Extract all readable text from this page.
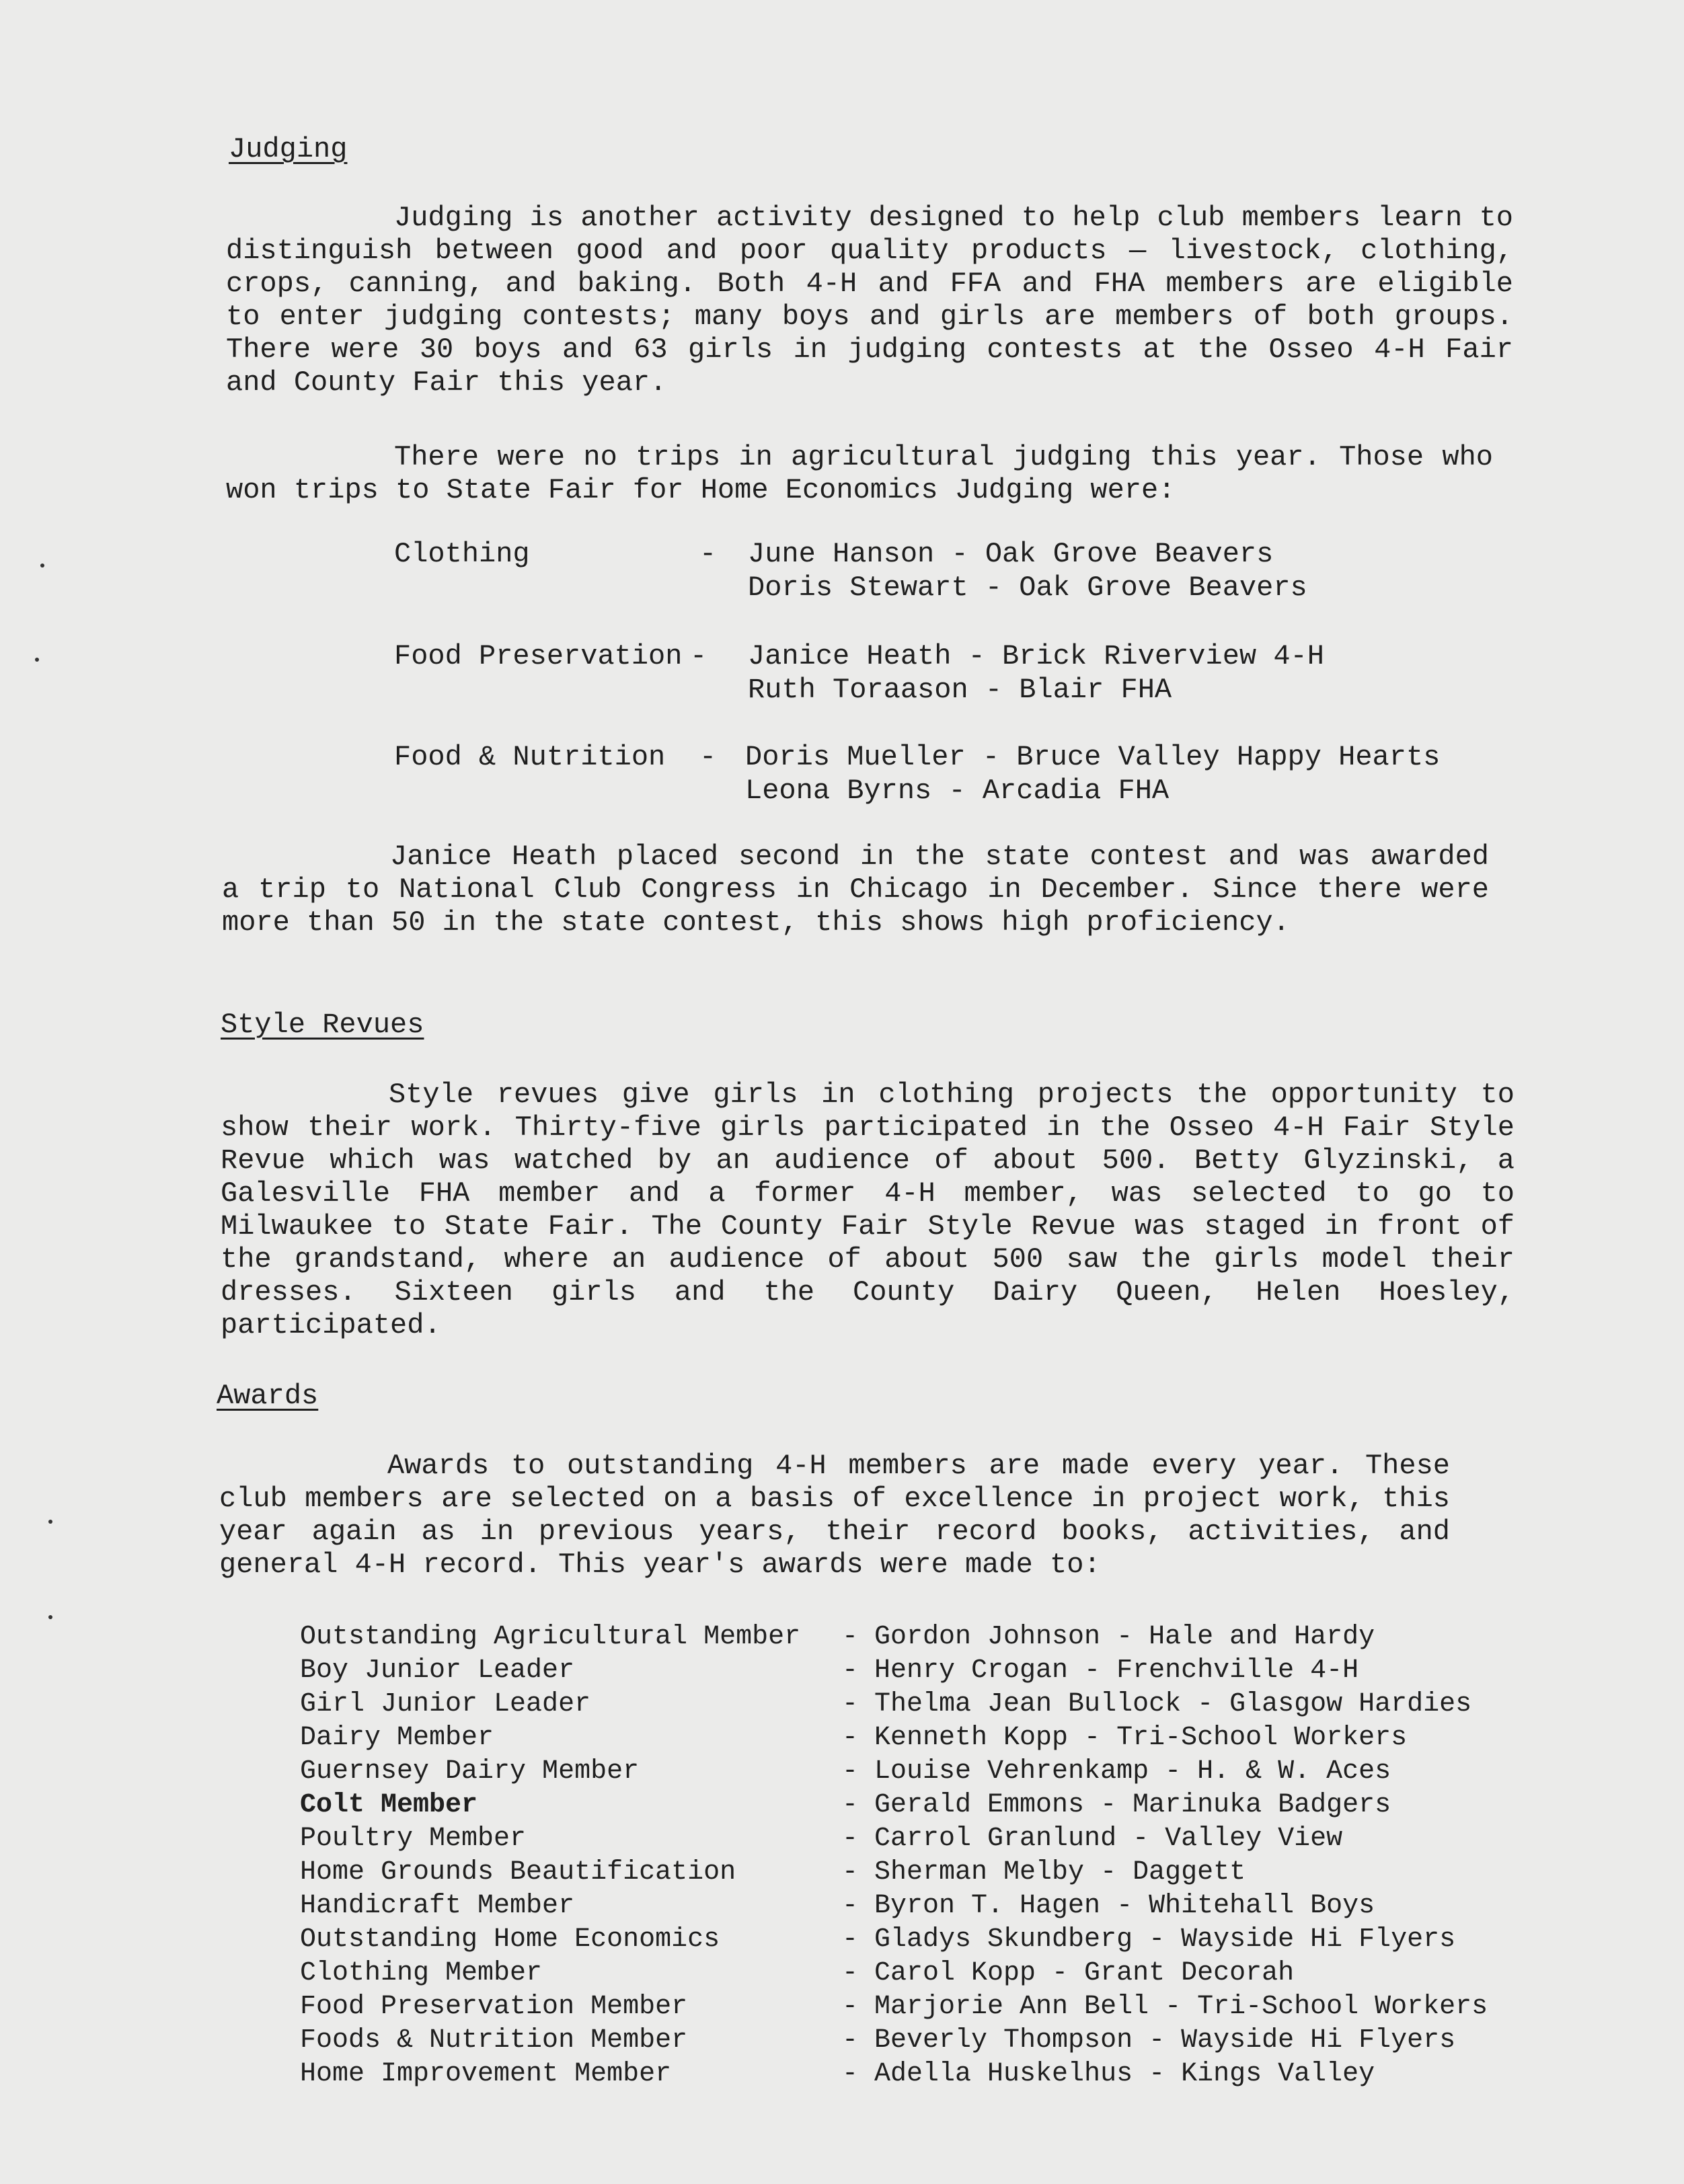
Judging

Judging is another activity designed to help club members learn to distinguish between good and poor quality products — livestock, clothing, crops, canning, and baking. Both 4-H and FFA and FHA members are eligible to enter judging contests; many boys and girls are members of both groups. There were 30 boys and 63 girls in judging contests at the Osseo 4-H Fair and County Fair this year.

There were no trips in agricultural judging this year. Those who won trips to State Fair for Home Economics Judging were:

Clothing	- June Hanson - Oak Grove Beavers
Doris Stewart - Oak Grove Beavers
Food Preservation - Janice Heath - Brick Riverview 4-H
Ruth Toraason - Blair FHA
Food & Nutrition - Doris Mueller - Bruce Valley Happy Hearts
Leona Byrns - Arcadia FHA

Janice Heath placed second in the state contest and was awarded a trip to National Club Congress in Chicago in December. Since there were more than 50 in the state contest, this shows high proficiency.

Style Revues

Style revues give girls in clothing projects the opportunity to show their work. Thirty-five girls participated in the Osseo 4-H Fair Style Revue which was watched by an audience of about 500. Betty Glyzinski, a Galesville FHA member and a former 4-H member, was selected to go to Milwaukee to State Fair. The County Fair Style Revue was staged in front of the grandstand, where an audience of about 500 saw the girls model their dresses. Sixteen girls and the County Dairy Queen, Helen Hoesley, participated.

Awards

Awards to outstanding 4-H members are made every year. These club members are selected on a basis of excellence in project work, this year again as in previous years, their record books, activities, and general 4-H record. This year's awards were made to:

Outstanding Agricultural Member - Gordon Johnson - Hale and Hardy
Boy Junior Leader	- Henry Crogan - Frenchville 4-H
Girl Junior Leader	- Thelma Jean Bullock - Glasgow Hardies
Dairy Member	- Kenneth Kopp - Tri-School Workers
Guernsey Dairy Member	- Louise Vehrenkamp - H. & W. Aces
Colt Member	- Gerald Emmons - Marinuka Badgers
Poultry Member	- Carrol Granlund - Valley View
Home Grounds Beautification	- Sherman Melby - Daggett
Handicraft Member	- Byron T. Hagen - Whitehall Boys
Outstanding Home Economics	- Gladys Skundberg - Wayside Hi Flyers
Clothing Member	- Carol Kopp - Grant Decorah
Food Preservation Member	- Marjorie Ann Bell - Tri-School Workers
Foods & Nutrition Member	- Beverly Thompson - Wayside Hi Flyers
Home Improvement Member	- Adella Huskelhus - Kings Valley
